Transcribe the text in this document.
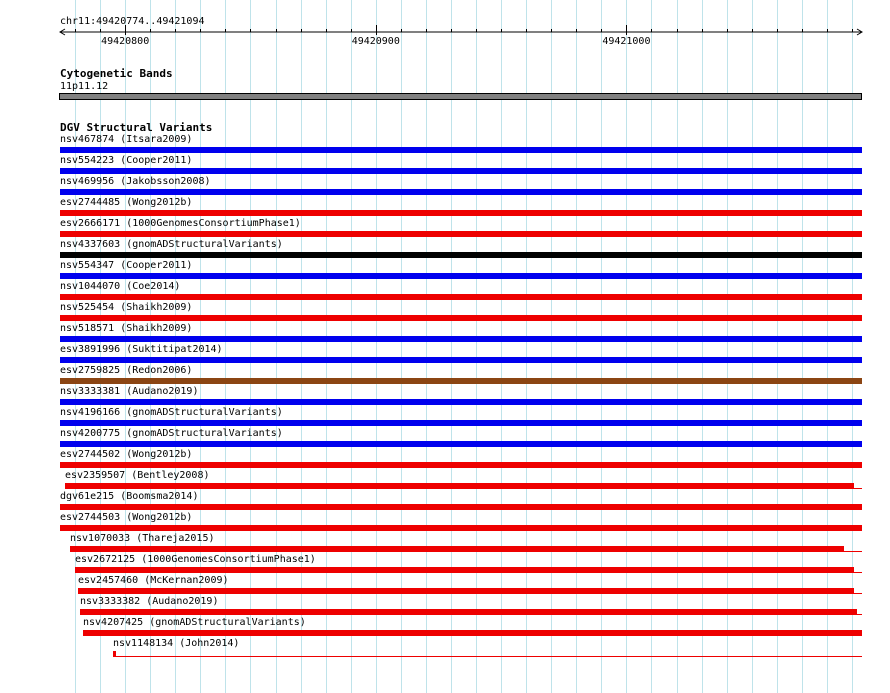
chr11:49420774..49421094
49420800	49420900	49421000
Cytogenetic Bands
11p11.12
DGV Structural Variants
nsv467874 (Itsara2009)
nsv554223 (Cooper2011)
nsv469956 (Jakobsson2008)
esv2744485 (Wong2012b)
esv2666171 (1000GenomesConsortiumPhase1)
nsv4337603 (gnomADStructuralVariants)
nsv554347 (Cooper2011)
nsv1044070 (Coe2014)
nsv525454 (Shaikh2009)
nsv518571 (Shaikh2009)
esv3891996 (Suktitipat2014)
esv2759825 (Redon2006)
nsv3333381 (Audano2019)
nsv4196166 (gnomADStructuralVariants)
nsv4200775 (gnomADStructuralVariants)
esv2744502 (Wong2012b)
esv2359507 (Bentley2008)
dgv61e215 (Boomsma2014)
esv2744503 (Wong2012b)
nsv1070033 (Thareja2015)
esv2672125 (1000GenomesConsortiumPhase1)
esv2457460 (McKernan2009)
nsv3333382 (Audano2019)
nsv4207425 (gnomADStructuralVariants)
nsv1148134 (John2014)
